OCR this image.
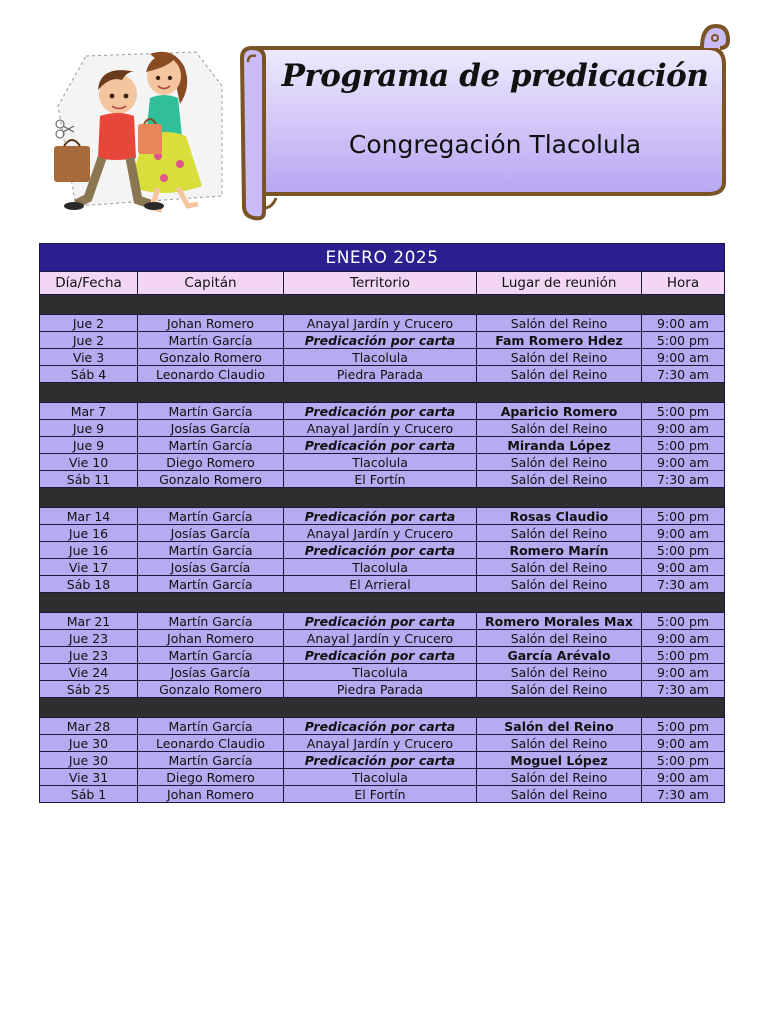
Programa de predicación
Congregación Tlacolula
ENERO 2025				
Día/Fecha	Capitán	Territorio	Lugar de reunión	Hora

Jue 2	Johan Romero	Anayal Jardín y Crucero	Salón del Reino	9:00 am
Jue 2	Martín García	Predicación por carta	Fam Romero Hdez	5:00 pm
Vie 3	Gonzalo Romero	Tlacolula	Salón del Reino	9:00 am
Sáb 4	Leonardo Claudio	Piedra Parada	Salón del Reino	7:30 am

Mar 7	Martín García	Predicación por carta	Aparicio Romero	5:00 pm
Jue 9	Josías García	Anayal Jardín y Crucero	Salón del Reino	9:00 am
Jue 9	Martín García	Predicación por carta	Miranda López	5:00 pm
Vie 10	Diego Romero	Tlacolula	Salón del Reino	9:00 am
Sáb 11	Gonzalo Romero	El Fortín	Salón del Reino	7:30 am

Mar 14	Martín García	Predicación por carta	Rosas Claudio	5:00 pm
Jue 16	Josías García	Anayal Jardín y Crucero	Salón del Reino	9:00 am
Jue 16	Martín García	Predicación por carta	Romero Marín	5:00 pm
Vie 17	Josías García	Tlacolula	Salón del Reino	9:00 am
Sáb 18	Martín García	El Arrieral	Salón del Reino	7:30 am

Mar 21	Martín García	Predicación por carta	Romero Morales Max	5:00 pm
Jue 23	Johan Romero	Anayal Jardín y Crucero	Salón del Reino	9:00 am
Jue 23	Martín García	Predicación por carta	García Arévalo	5:00 pm
Vie 24	Josías García	Tlacolula	Salón del Reino	9:00 am
Sáb 25	Gonzalo Romero	Piedra Parada	Salón del Reino	7:30 am

Mar 28	Martín García	Predicación por carta	Salón del Reino	5:00 pm
Jue 30	Leonardo Claudio	Anayal Jardín y Crucero	Salón del Reino	9:00 am
Jue 30	Martín García	Predicación por carta	Moguel López	5:00 pm
Vie 31	Diego Romero	Tlacolula	Salón del Reino	9:00 am
Sáb 1	Johan Romero	El Fortín	Salón del Reino	7:30 am
